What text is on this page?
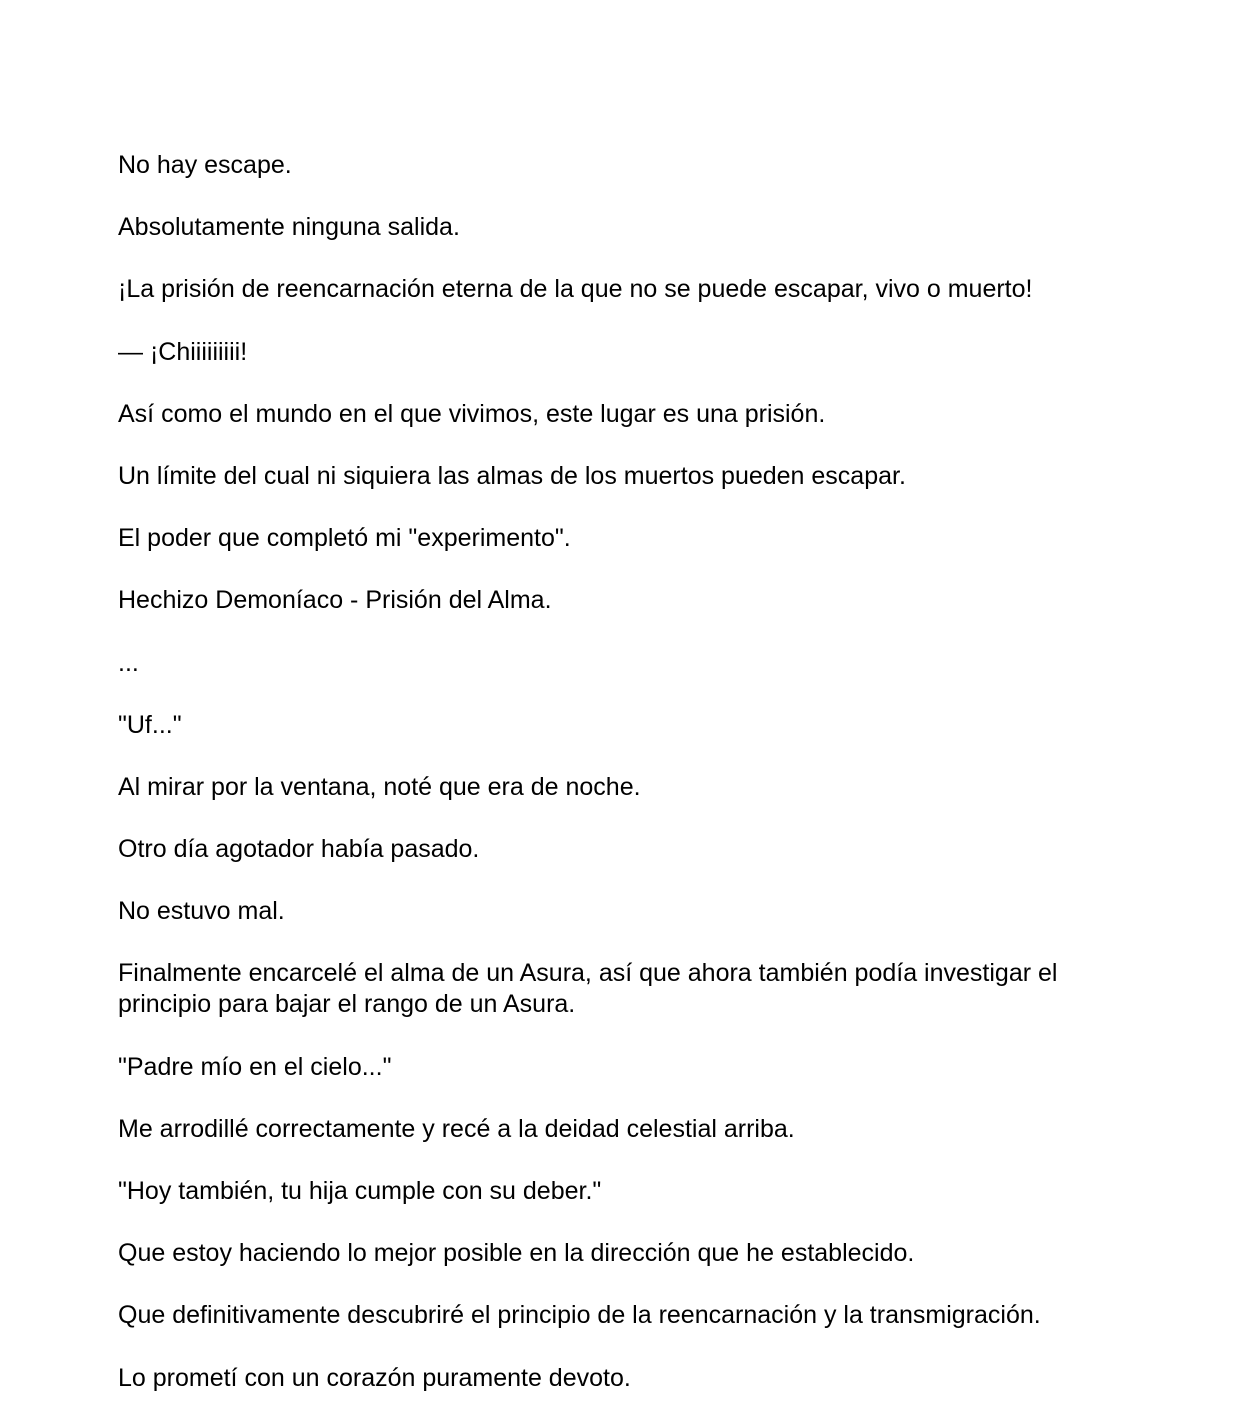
No hay escape.

Absolutamente ninguna salida.

¡La prisión de reencarnación eterna de la que no se puede escapar, vivo o muerto!

— ¡Chiiiiiiiii!

Así como el mundo en el que vivimos, este lugar es una prisión.

Un límite del cual ni siquiera las almas de los muertos pueden escapar.

El poder que completó mi "experimento".

Hechizo Demoníaco - Prisión del Alma.

...

"Uf..."

Al mirar por la ventana, noté que era de noche.

Otro día agotador había pasado.

No estuvo mal.

Finalmente encarcelé el alma de un Asura, así que ahora también podía investigar el principio para bajar el rango de un Asura.

"Padre mío en el cielo..."

Me arrodillé correctamente y recé a la deidad celestial arriba.

"Hoy también, tu hija cumple con su deber."

Que estoy haciendo lo mejor posible en la dirección que he establecido.

Que definitivamente descubriré el principio de la reencarnación y la transmigración.

Lo prometí con un corazón puramente devoto.
